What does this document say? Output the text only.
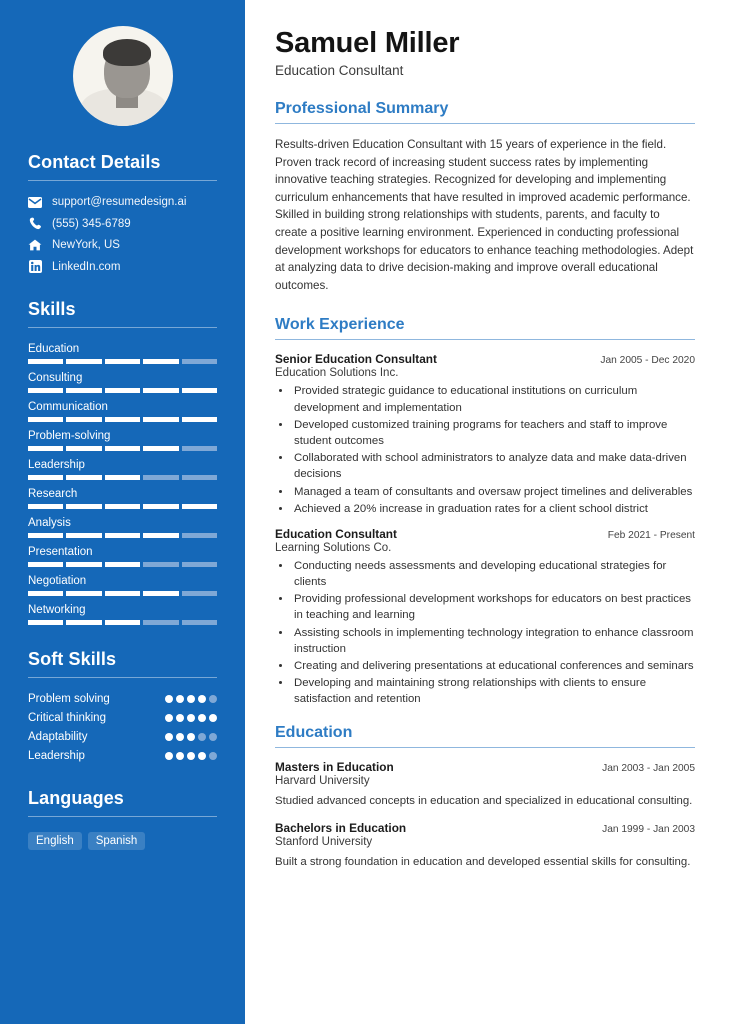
Contact Details
support@resumedesign.ai
(555) 345-6789
NewYork, US
LinkedIn.com
Skills
Education
Consulting
Communication
Problem-solving
Leadership
Research
Analysis
Presentation
Negotiation
Networking
Soft Skills
Problem solving
Critical thinking
Adaptability
Leadership
Languages
English	Spanish
Samuel Miller
Education Consultant
Professional Summary

Results-driven Education Consultant with 15 years of experience in the field. Proven track record of increasing student success rates by implementing innovative teaching strategies. Recognized for developing and implementing curriculum enhancements that have resulted in improved academic performance. Skilled in building strong relationships with students, parents, and faculty to create a positive learning environment. Experienced in conducting professional development workshops for educators to enhance teaching methodologies. Adept at analyzing data to drive decision-making and improve overall educational outcomes.

Work Experience
Senior Education Consultant	Jan 2005 - Dec 2020
Education Solutions Inc.
• Provided strategic guidance to educational institutions on curriculum development and implementation
• Developed customized training programs for teachers and staff to improve student outcomes
• Collaborated with school administrators to analyze data and make data-driven decisions
• Managed a team of consultants and oversaw project timelines and deliverables
• Achieved a 20% increase in graduation rates for a client school district
Education Consultant	Feb 2021 - Present
Learning Solutions Co.
• Conducting needs assessments and developing educational strategies for clients
• Providing professional development workshops for educators on best practices in teaching and learning
• Assisting schools in implementing technology integration to enhance classroom instruction
• Creating and delivering presentations at educational conferences and seminars
• Developing and maintaining strong relationships with clients to ensure satisfaction and retention
Education
Masters in Education	Jan 2003 - Jan 2005
Harvard University
Studied advanced concepts in education and specialized in educational consulting.
Bachelors in Education	Jan 1999 - Jan 2003
Stanford University
Built a strong foundation in education and developed essential skills for consulting.
